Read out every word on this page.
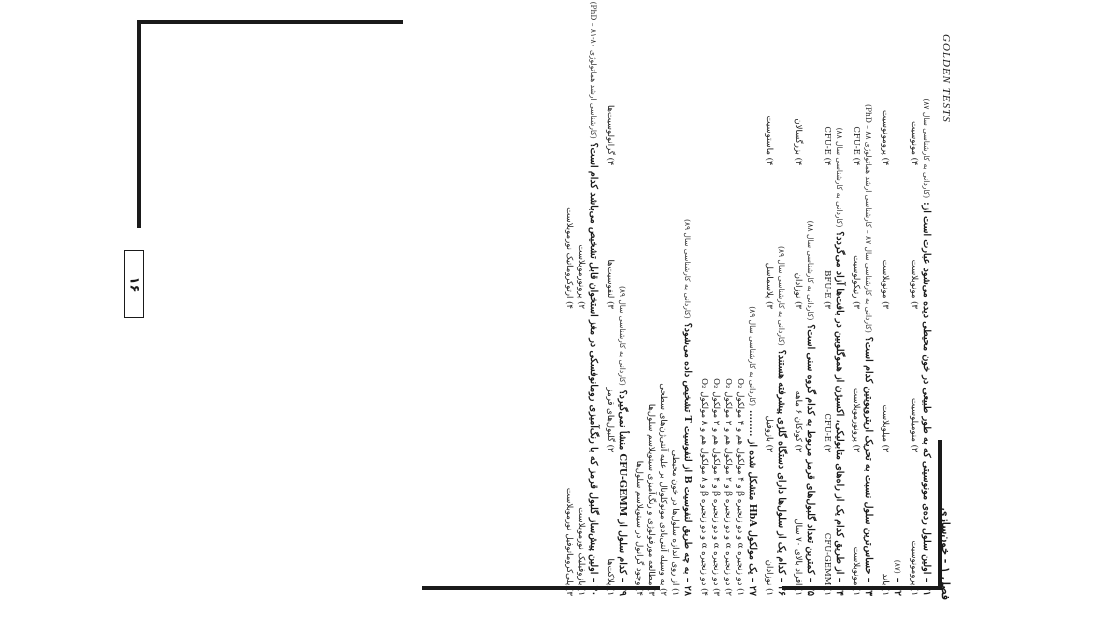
۱۶
فصل ۱ - خون‌سازی
GOLDEN TESTS
۲۱ – اولین سلول رده‌ی مونوسیتی که به طور طبیعی در خون محیطی دیده می‌شود عبارت است از:(کاردانی به کارشناسی سال ۸۷)
۱) پرومونوسیت
۲) منومیلوسیت
۳) مونوبلاست
۴) مونوسیت
۲۲ –(۸۷)
۱) باند
۲) میلوبلاست
۳) مونوبلاست
۴) پرومونوسیت
۲۳ – حساس‌ترین سلول نسبت به تحریک اریتروپویتین کدام است؟(کاردانی به کارشناسی سال ۸۷ – کارشناسی ارشد هماتولوژی PhD – ۸۸)
۱) مونوبلاست
۲) پرونورموبلاست
۳) رتیکولوسیت
۴) CFU-E
۲۴ – از طریق کدام یک از راه‌های متابولیکی، اکسیژن از هموگلوبین در بافت‌ها آزاد می‌گردد؟(کاردانی به کارشناسی سال ۸۸)
۱) CFU-GEMM
۲) CFU-E
۳) BFU-E
۴) CFU-E
۲۵ – کمترین تعداد گلبول‌های قرمز مربوط به کدام گروه سنی است؟(کاردانی به کارشناسی سال ۸۸)
۱) افراد بالای ۷۰ سال
۲) کودکان ۶ ماهه
۳) نوزادان
۴) بزرگسالان
۲۶ – کدام یک از سلول‌ها دارای دستگاه گلژی پیشرفته هستند؟(کاردانی به کارشناسی سال ۸۹)
۱) نوزادان
۲) بازوفیل
۳) پلاسماسل
۴) ماستوسیت
۲۷ – یک مولکول HbA متشکل شده از ........(کاردانی به کارشناسی سال ۸۹)
۱) دو زنجیره α و دو زنجیره β و ۴ مولکول هم و ۴ مولکول O₂
۲) دو زنجیره α و دو زنجیره β و ۲ مولکول هم و ۲ مولکول O₂
۳) دو زنجیره α و دو زنجیره β و ۴ مولکول هم و ۲ مولکول O₂
۴) دو زنجیره α و دو زنجیره β و ۸ مولکول هم و ۸ مولکول O₂
۲۸ – به چه طریق لنفوسیت B از لنفوسیت T تشخیص داده می‌شود؟(کاردانی به کارشناسی سال ۸۹)
۱) از روی اندازه سلول‌ها در خون محیطی
۲) به وسیله آنتی‌بادی مونوکلونال بر علیه آنتی‌ژن‌های سطحی
۳) مطالعه مورفولوژی و رنگ‌آمیزی سیتوپلاسم سلول‌ها
۴) وجود گرانول در سیتوپلاسم سلول‌ها
۲۹ – کدام سلول از CFU-GEMM منشأ نمی‌گیرد؟(کاردانی به کارشناسی سال ۸۹)
۱) پلاکت‌ها
۲) گلبول‌های قرمز
۳) لنفوسیت‌ها
۴) گرانولوسیت‌ها
۳۰ – اولین پیش‌ساز گلبول قرمز که با رنگ‌آمیزی رومانوفسکی در مغز استخوان قابل تشخیص می‌باشد کدام است؟(کارشناسی ارشد هماتولوژی PhD – ۸۱-۸۰)
۱) بازوفیلیک نورموبلاست
۲) پرونورموبلاست
۳) پلی‌کروماتوفیل نورموبلاست
۴) ارتوکروماتیک نورموبلاست
